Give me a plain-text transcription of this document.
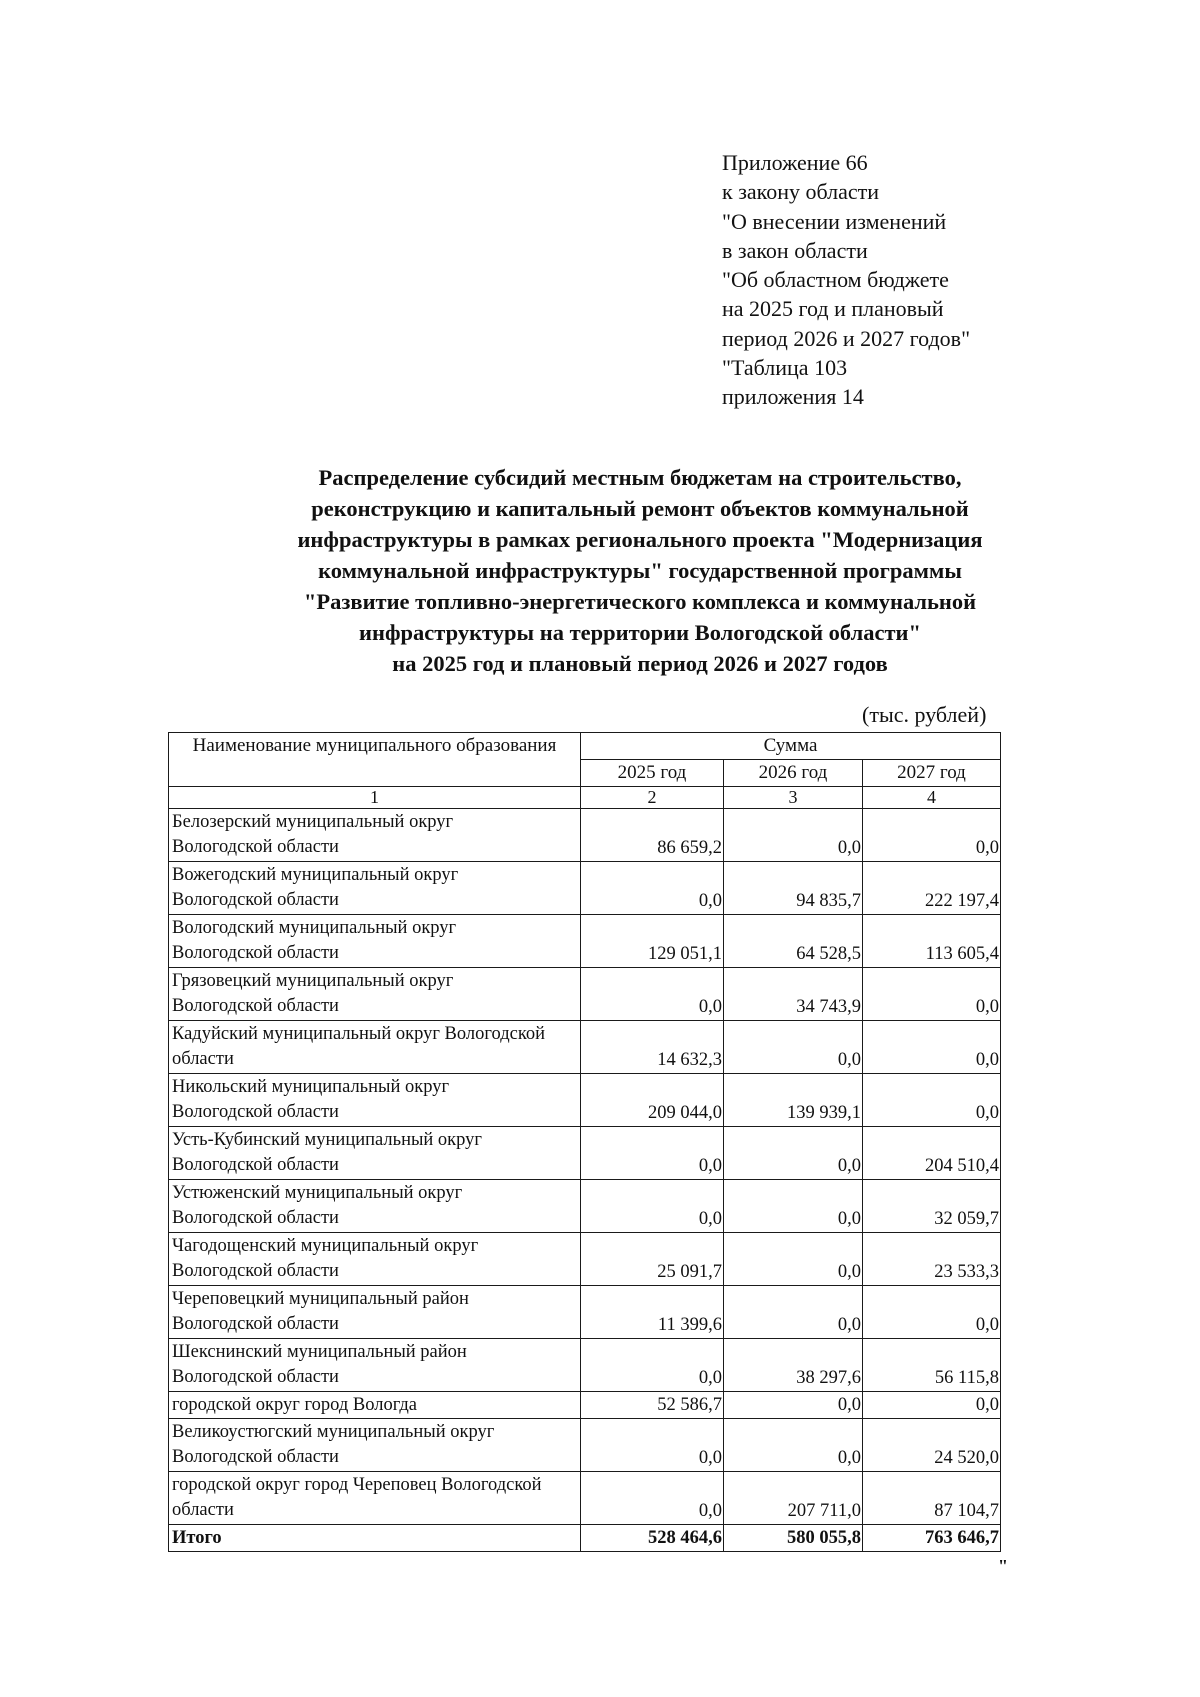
Приложение 66
к закону области
"О внесении изменений
в закон области
"Об областном бюджете
на 2025 год и плановый
период 2026 и 2027 годов"
"Таблица 103
приложения 14
Распределение субсидий местным бюджетам на строительство,
реконструкцию и капитальный ремонт объектов коммунальной
инфраструктуры в рамках регионального проекта "Модернизация
коммунальной инфраструктуры" государственной программы
"Развитие топливно-энергетического комплекса и коммунальной
инфраструктуры на территории Вологодской области"
на 2025 год и плановый период 2026 и 2027 годов
(тыс. рублей)
Наименование муниципального образования	Сумма		
	2025 год	2026 год	2027 год
1	2	3	4

Белозерский муниципальный округ
Вологодской области	86 659,2	0,0	0,0

Вожегодский муниципальный округ
Вологодской области	0,0	94 835,7	222 197,4

Вологодский муниципальный округ
Вологодской области	129 051,1	64 528,5	113 605,4

Грязовецкий муниципальный округ
Вологодской области	0,0	34 743,9	0,0

Кадуйский муниципальный округ Вологодской
области	14 632,3	0,0	0,0

Никольский муниципальный округ
Вологодской области	209 044,0	139 939,1	0,0

Усть-Кубинский муниципальный округ
Вологодской области	0,0	0,0	204 510,4

Устюженский муниципальный округ
Вологодской области	0,0	0,0	32 059,7

Чагодощенский муниципальный округ
Вологодской области	25 091,7	0,0	23 533,3

Череповецкий муниципальный район
Вологодской области	11 399,6	0,0	0,0

Шекснинский муниципальный район
Вологодской области	0,0	38 297,6	56 115,8

городской округ город Вологда	52 586,7	0,0	0,0

Великоустюгский муниципальный округ
Вологодской области	0,0	0,0	24 520,0

городской округ город Череповец Вологодской
области	0,0	207 711,0	87 104,7
Итого	528 464,6	580 055,8	763 646,7
"
